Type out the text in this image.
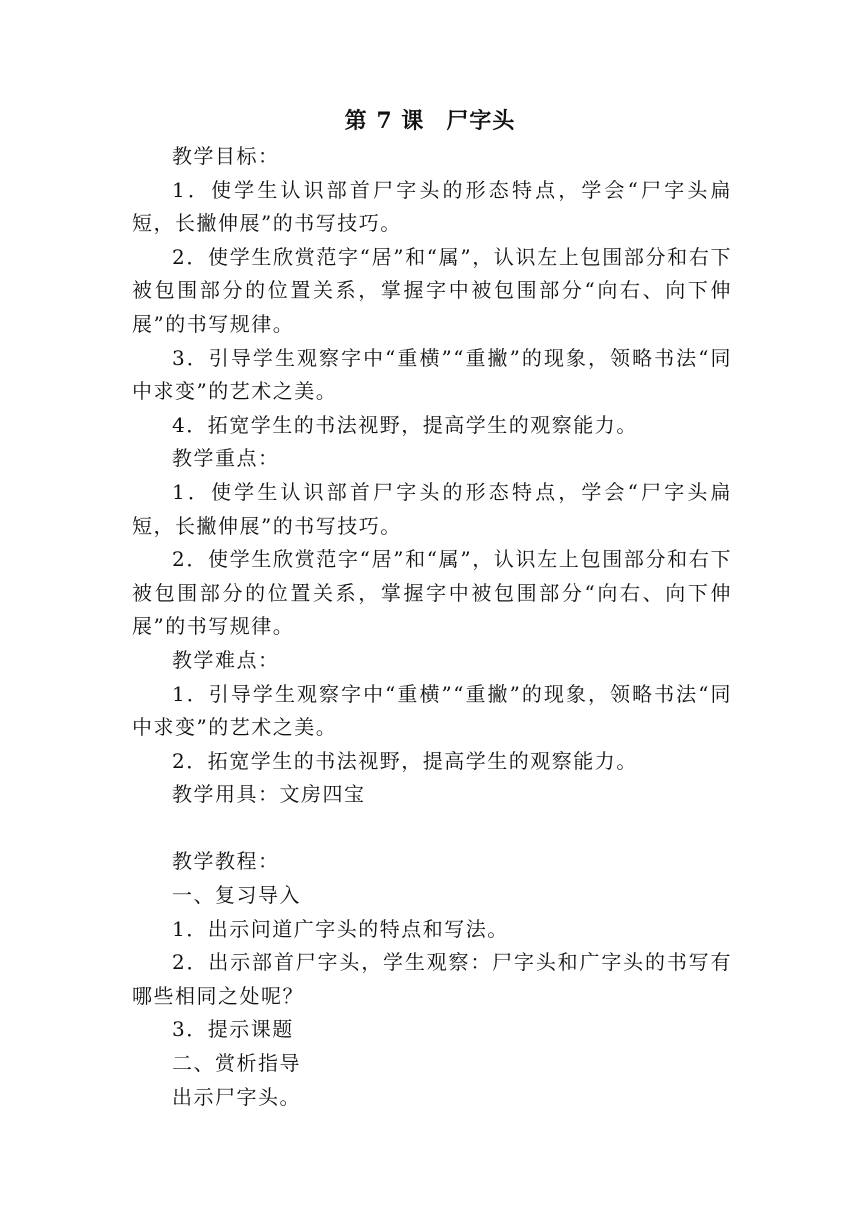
第 7 课 尸字头

教学目标：

1．使学生认识部首尸字头的形态特点，学会“尸字头扁短，长撇伸展”的书写技巧。

2．使学生欣赏范字“居”和“属”，认识左上包围部分和右下被包围部分的位置关系，掌握字中被包围部分“向右、向下伸展”的书写规律。

3．引导学生观察字中“重横”“重撇”的现象，领略书法“同中求变”的艺术之美。

4．拓宽学生的书法视野，提高学生的观察能力。

教学重点：

1．使学生认识部首尸字头的形态特点，学会“尸字头扁短，长撇伸展”的书写技巧。

2．使学生欣赏范字“居”和“属”，认识左上包围部分和右下被包围部分的位置关系，掌握字中被包围部分“向右、向下伸展”的书写规律。

教学难点：

1．引导学生观察字中“重横”“重撇”的现象，领略书法“同中求变”的艺术之美。

2．拓宽学生的书法视野，提高学生的观察能力。

教学用具：文房四宝

教学教程：

一、复习导入

1．出示问道广字头的特点和写法。

2．出示部首尸字头，学生观察：尸字头和广字头的书写有哪些相同之处呢？

3．提示课题

二、赏析指导

出示尸字头。
